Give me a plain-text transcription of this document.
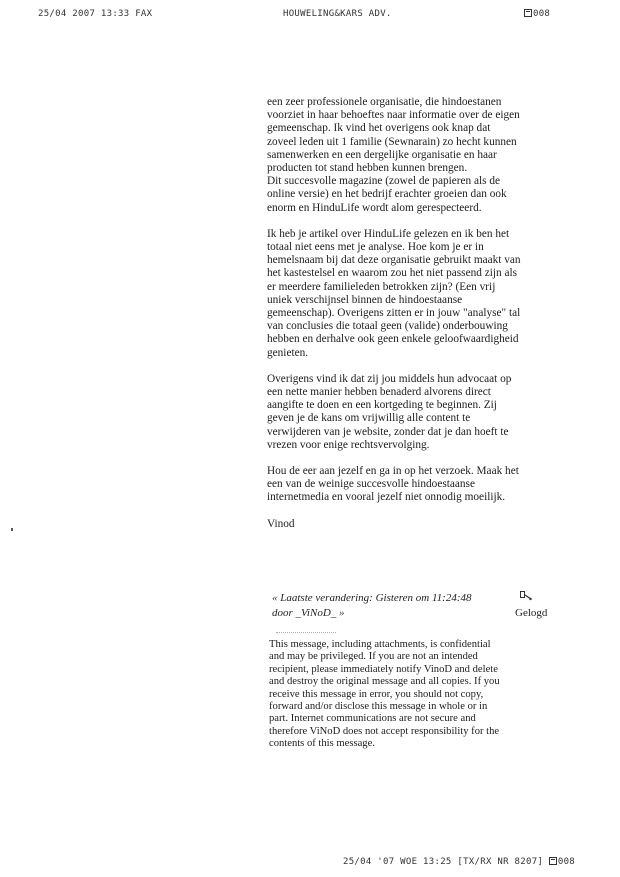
25/04 2007 13:33 FAX	HOUWELING&KARS ADV.	008

een zeer professionele organisatie, die hindoestanen
voorziet in haar behoeftes naar informatie over de eigen
gemeenschap. Ik vind het overigens ook knap dat
zoveel leden uit 1 familie (Sewnarain) zo hecht kunnen
samenwerken en een dergelijke organisatie en haar
producten tot stand hebben kunnen brengen.
Dit succesvolle magazine (zowel de papieren als de
online versie) en het bedrijf erachter groeien dan ook
enorm en HinduLife wordt alom gerespecteerd.

Ik heb je artikel over HinduLife gelezen en ik ben het
totaal niet eens met je analyse. Hoe kom je er in
hemelsnaam bij dat deze organisatie gebruikt maakt van
het kastestelsel en waarom zou het niet passend zijn als
er meerdere familieleden betrokken zijn? (Een vrij
uniek verschijnsel binnen de hindoestaanse
gemeenschap). Overigens zitten er in jouw "analyse" tal
van conclusies die totaal geen (valide) onderbouwing
hebben en derhalve ook geen enkele geloofwaardigheid
genieten.

Overigens vind ik dat zij jou middels hun advocaat op
een nette manier hebben benaderd alvorens direct
aangifte te doen en een kortgeding te beginnen. Zij
geven je de kans om vrijwillig alle content te
verwijderen van je website, zonder dat je dan hoeft te
vrezen voor enige rechtsvervolging.

Hou de eer aan jezelf en ga in op het verzoek. Maak het
een van de weinige succesvolle hindoestaanse
internetmedia en vooral jezelf niet onnodig moeilijk.

Vinod

« Laatste verandering: Gisteren om 11:24:48
door _ViNoD_ »	Gelogd
This message, including attachments, is confidential
and may be privileged. If you are not an intended
recipient, please immediately notify VinoD and delete
and destroy the original message and all copies. If you
receive this message in error, you should not copy,
forward and/or disclose this message in whole or in
part. Internet communications are not secure and
therefore ViNoD does not accept responsibility for the
contents of this message.
25/04 '07 WOE 13:25 [TX/RX NR 8207] 008
